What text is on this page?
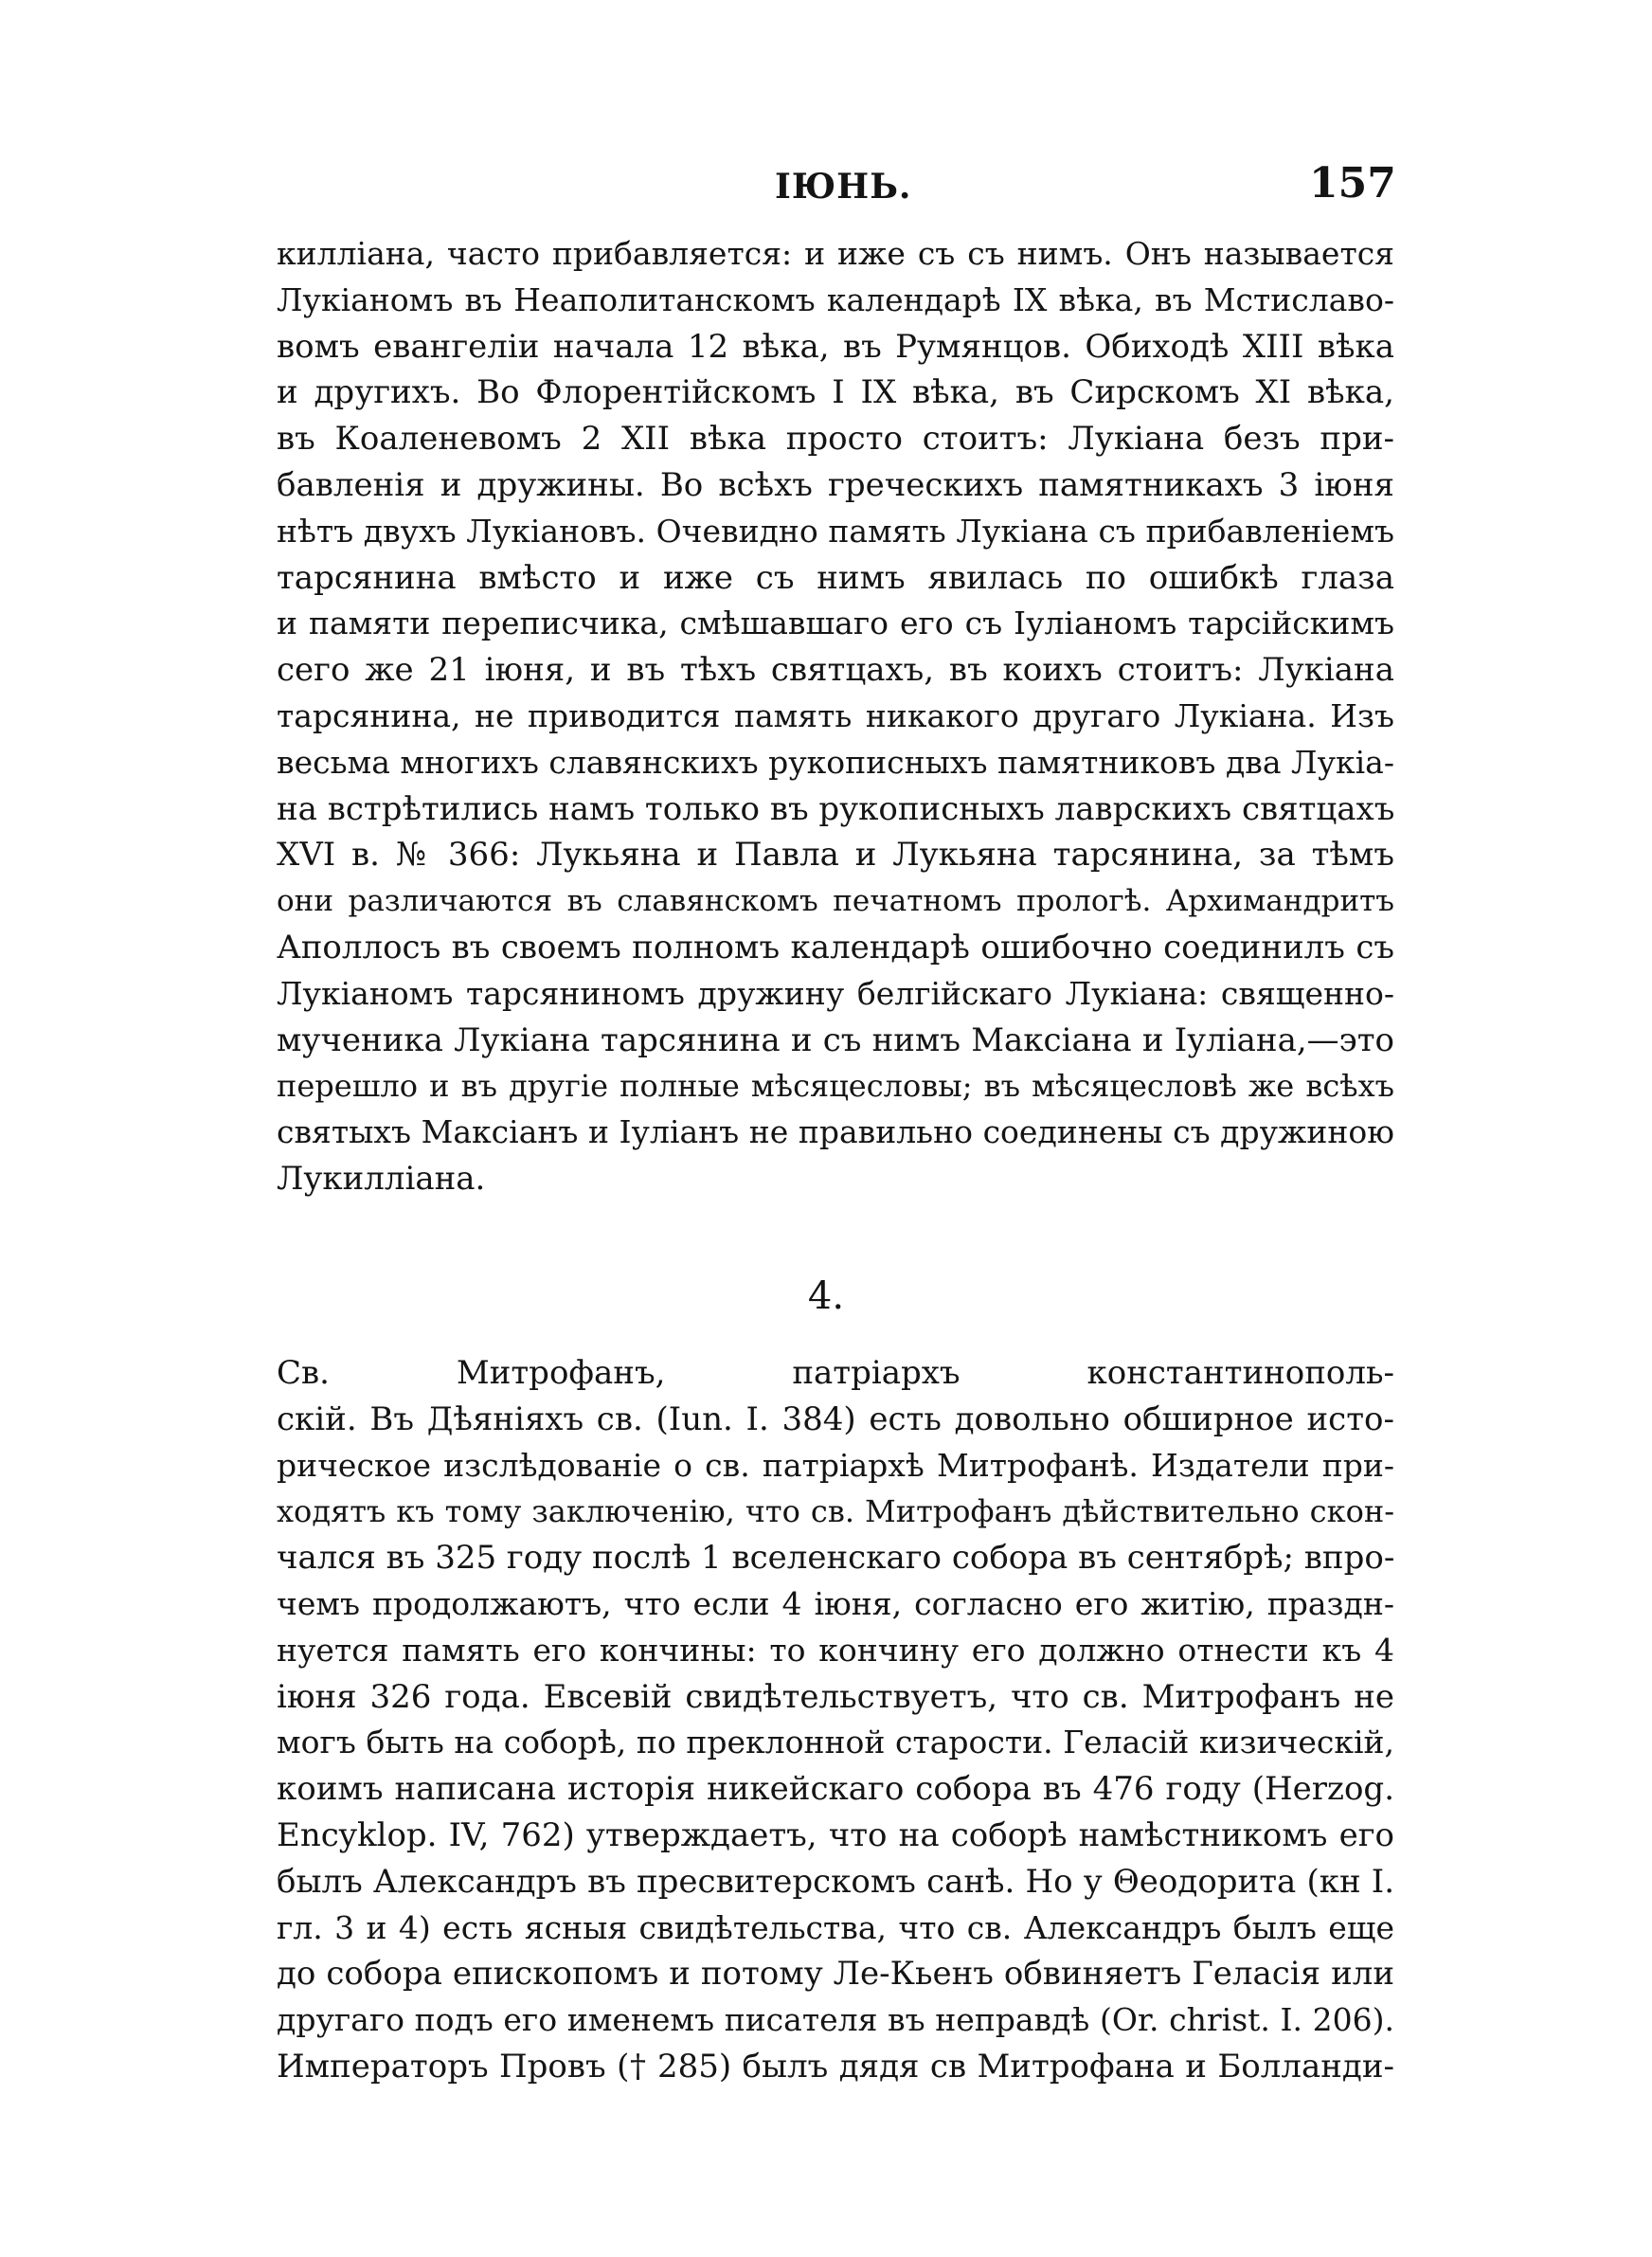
ІЮНЬ.	157
киллiана, часто прибавляется: и иже съ съ нимъ. Онъ называется
Лукiаномъ въ Неаполитанскомъ календарѣ IX вѣка, въ Мстиславо-
вомъ евангелiи начала 12 вѣка, въ Румянцов. Обиходѣ XIII вѣка
и другихъ. Во Флорентiйскомъ I IX вѣка, въ Сирскомъ XI вѣка,
въ Коаленевомъ 2 XII вѣка просто стоитъ: Лукiана безъ при-
бавленiя и дружины. Во всѣхъ греческихъ памятникахъ 3 iюня
нѣтъ двухъ Лукiановъ. Очевидно память Лукiана съ прибавленiемъ
тарсянина вмѣсто и иже съ нимъ явилась по ошибкѣ глаза
и памяти переписчика, смѣшавшаго его съ Iулiаномъ тарсiйскимъ
сего же 21 iюня, и въ тѣхъ святцахъ, въ коихъ стоитъ: Лукiана
тарсянина, не приводится память никакого другаго Лукiана. Изъ
весьма многихъ славянскихъ рукописныхъ памятниковъ два Лукiа-
на встрѣтились намъ только въ рукописныхъ лаврскихъ святцахъ
XVI в. № 366: Лукьяна и Павла и Лукьяна тарсянина, за тѣмъ
они различаются въ славянскомъ печатномъ прологѣ. Архимандритъ
Аполлосъ въ своемъ полномъ календарѣ ошибочно соединилъ съ
Лукiаномъ тарсяниномъ дружину белгiйскаго Лукiана: священно-
мученика Лукiана тарсянина и съ нимъ Максiана и Iулiана,—это
перешло и въ другiе полные мѣсяцесловы; въ мѣсяцесловѣ же всѣхъ
святыхъ Максiанъ и Iулiанъ не правильно соединены съ дружиною
Лукилліана.
4.
Св. Митрофанъ, патрiархъ константинополь-
скiй. Въ Дѣянiяхъ св. (Iun. I. 384) есть довольно обширное исто-
рическое изслѣдованiе о св. патрiархѣ Митрофанѣ. Издатели при-
ходятъ къ тому заключенiю, что св. Митрофанъ дѣйствительно скон-
чался въ 325 году послѣ 1 вселенскаго собора въ сентябрѣ; впро-
чемъ продолжаютъ, что если 4 iюня, согласно его житiю, праздн-
нуется память его кончины: то кончину его должно отнести къ 4
iюня 326 года. Евсевiй свидѣтельствуетъ, что св. Митрофанъ не
могъ быть на соборѣ, по преклонной старости. Геласiй кизическiй,
коимъ написана исторiя никейскаго собора въ 476 году (Herzog.
Encyklop. IV, 762) утверждаетъ, что на соборѣ намѣстникомъ его
былъ Александръ въ пресвитерскомъ санѣ. Но у Θеодорита (кн I.
гл. 3 и 4) есть ясныя свидѣтельства, что св. Александръ былъ еще
до собора епископомъ и потому Ле-Кьенъ обвиняетъ Геласiя или
другаго подъ его именемъ писателя въ неправдѣ (Or. christ. I. 206).
Императоръ Провъ († 285) былъ дядя св Митрофана и Болланди-
